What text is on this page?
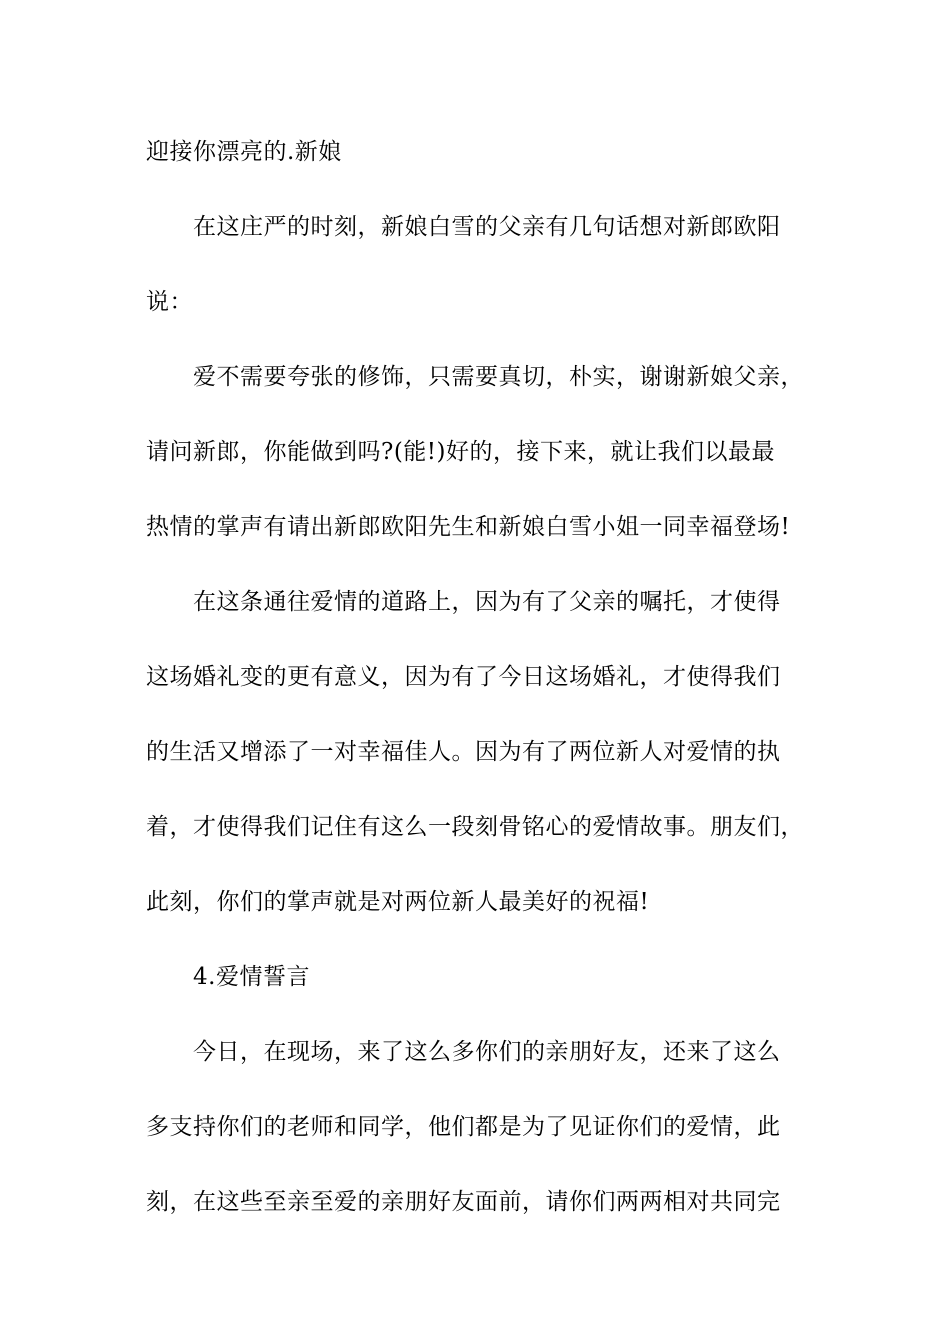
迎接你漂亮的.新娘
在这庄严的时刻，新娘白雪的父亲有几句话想对新郎欧阳
说：
爱不需要夸张的修饰，只需要真切，朴实，谢谢新娘父亲，
请问新郎，你能做到吗?(能!)好的，接下来，就让我们以最最
热情的掌声有请出新郎欧阳先生和新娘白雪小姐一同幸福登场!
在这条通往爱情的道路上，因为有了父亲的嘱托，才使得
这场婚礼变的更有意义，因为有了今日这场婚礼，才使得我们
的生活又增添了一对幸福佳人。因为有了两位新人对爱情的执
着，才使得我们记住有这么一段刻骨铭心的爱情故事。朋友们，
此刻，你们的掌声就是对两位新人最美好的祝福!
4.爱情誓言
今日，在现场，来了这么多你们的亲朋好友，还来了这么
多支持你们的老师和同学，他们都是为了见证你们的爱情，此
刻，在这些至亲至爱的亲朋好友面前，请你们两两相对共同完
